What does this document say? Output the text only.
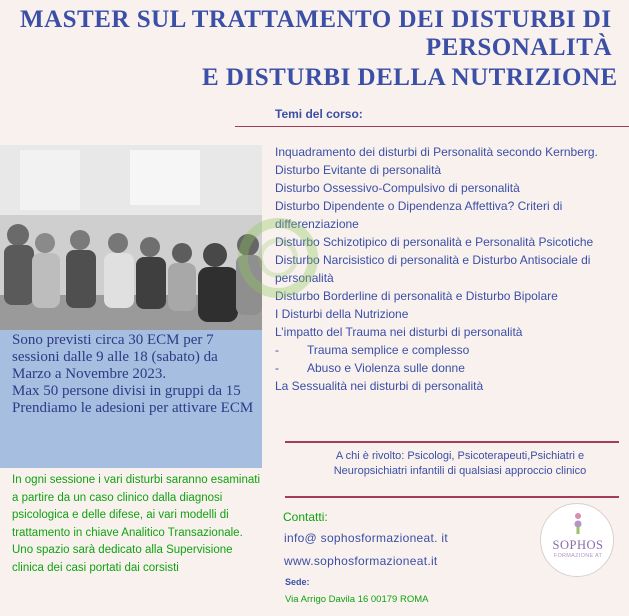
MASTER SUL TRATTAMENTO DEI DISTURBI DI
PERSONALITÀ
E DISTURBI DELLA NUTRIZIONE
Temi del corso:

Sono previsti circa 30 ECM per 7 sessioni dalle 9 alle 18 (sabato) da Marzo a Novembre 2023.

Max 50 persone divisi in gruppi da 15

Prendiamo le adesioni per attivare ECM

In ogni sessione i vari disturbi saranno esaminati a partire da un caso clinico dalla diagnosi psicologica e delle difese, ai vari modelli di trattamento in chiave Analitico Transazionale. Uno spazio sarà dedicato alla Supervisione clinica dei casi portati dai corsisti
Inquadramento dei disturbi di Personalità secondo Kernberg.
Disturbo Evitante di personalità
Disturbo Ossessivo-Compulsivo di personalità
Disturbo Dipendente o Dipendenza Affettiva? Criteri di differenziazione
Disturbo Schizotipico di personalità e Personalità Psicotiche
Disturbo Narcisistico di personalità e Disturbo Antisociale di personalità
Disturbo Borderline di personalità e Disturbo Bipolare
I Disturbi della Nutrizione
L’impatto del Trauma nei disturbi di personalità
- Trauma semplice e complesso
- Abuso e Violenza sulle donne
La Sessualità nei disturbi di personalità
A chi è rivolto: Psicologi, Psicoterapeuti,Psichiatri e Neuropsichiatri infantili di qualsiasi approccio clinico
Contatti:
info@ sophosformazioneat. it
www.sophosformazioneat.it
Sede:
Via Arrigo Davila 16 00179 ROMA
SOPHOS
FORMAZIONE AT
